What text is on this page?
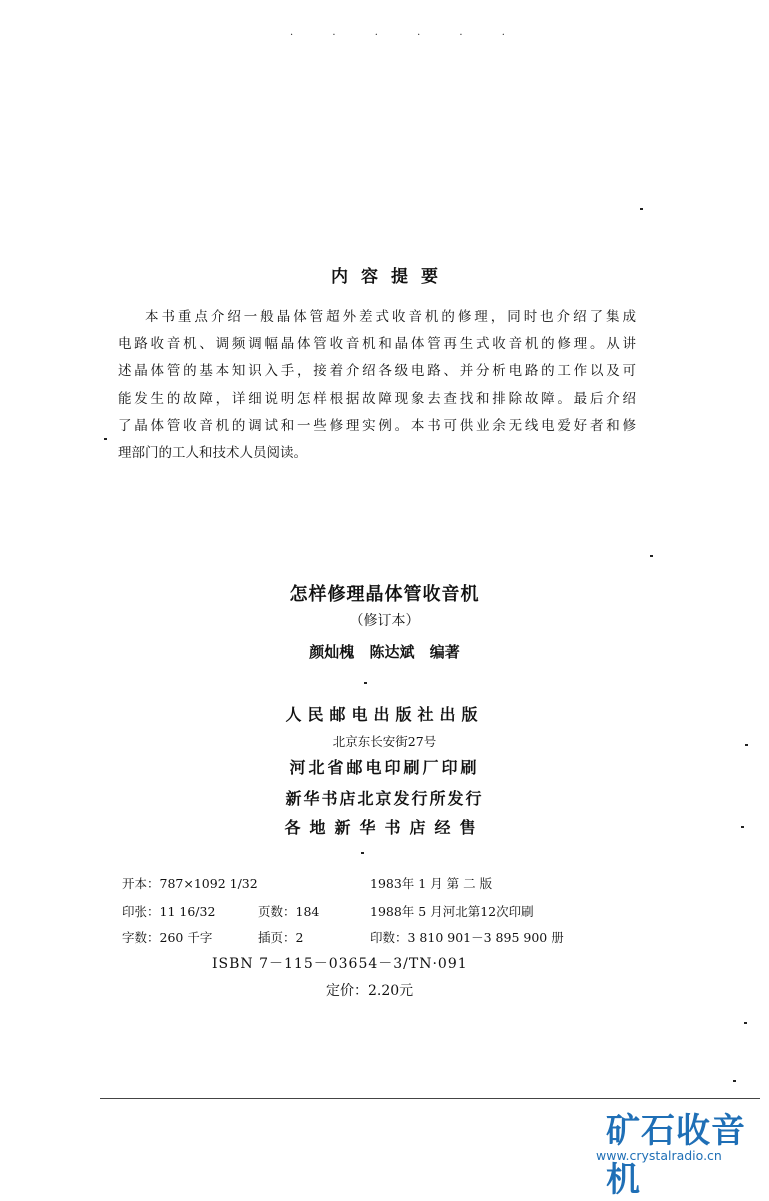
· · · · · ·
内容提要
本书重点介绍一般晶体管超外差式收音机的修理，同时也介绍了集成
电路收音机、调频调幅晶体管收音机和晶体管再生式收音机的修理。从讲
述晶体管的基本知识入手，接着介绍各级电路、并分析电路的工作以及可
能发生的故障，详细说明怎样根据故障现象去查找和排除故障。最后介绍
了晶体管收音机的调试和一些修理实例。本书可供业余无线电爱好者和修
理部门的工人和技术人员阅读。
怎样修理晶体管收音机
（修订本）
颜灿槐 陈达斌 编著
人民邮电出版社出版
北京东长安街27号
河北省邮电印刷厂印刷
新华书店北京发行所发行
各地新华书店经售
开本：787×1092 1/32	1983年 1 月 第 二 版
印张：11 16/32	页数：184	1988年 5 月河北第12次印刷
字数：260 千字	插页：2	印数：3 810 901－3 895 900 册
ISBN 7－115－03654－3/TN·091
定价：2.20元
矿石收音机
www.crystalradio.cn
